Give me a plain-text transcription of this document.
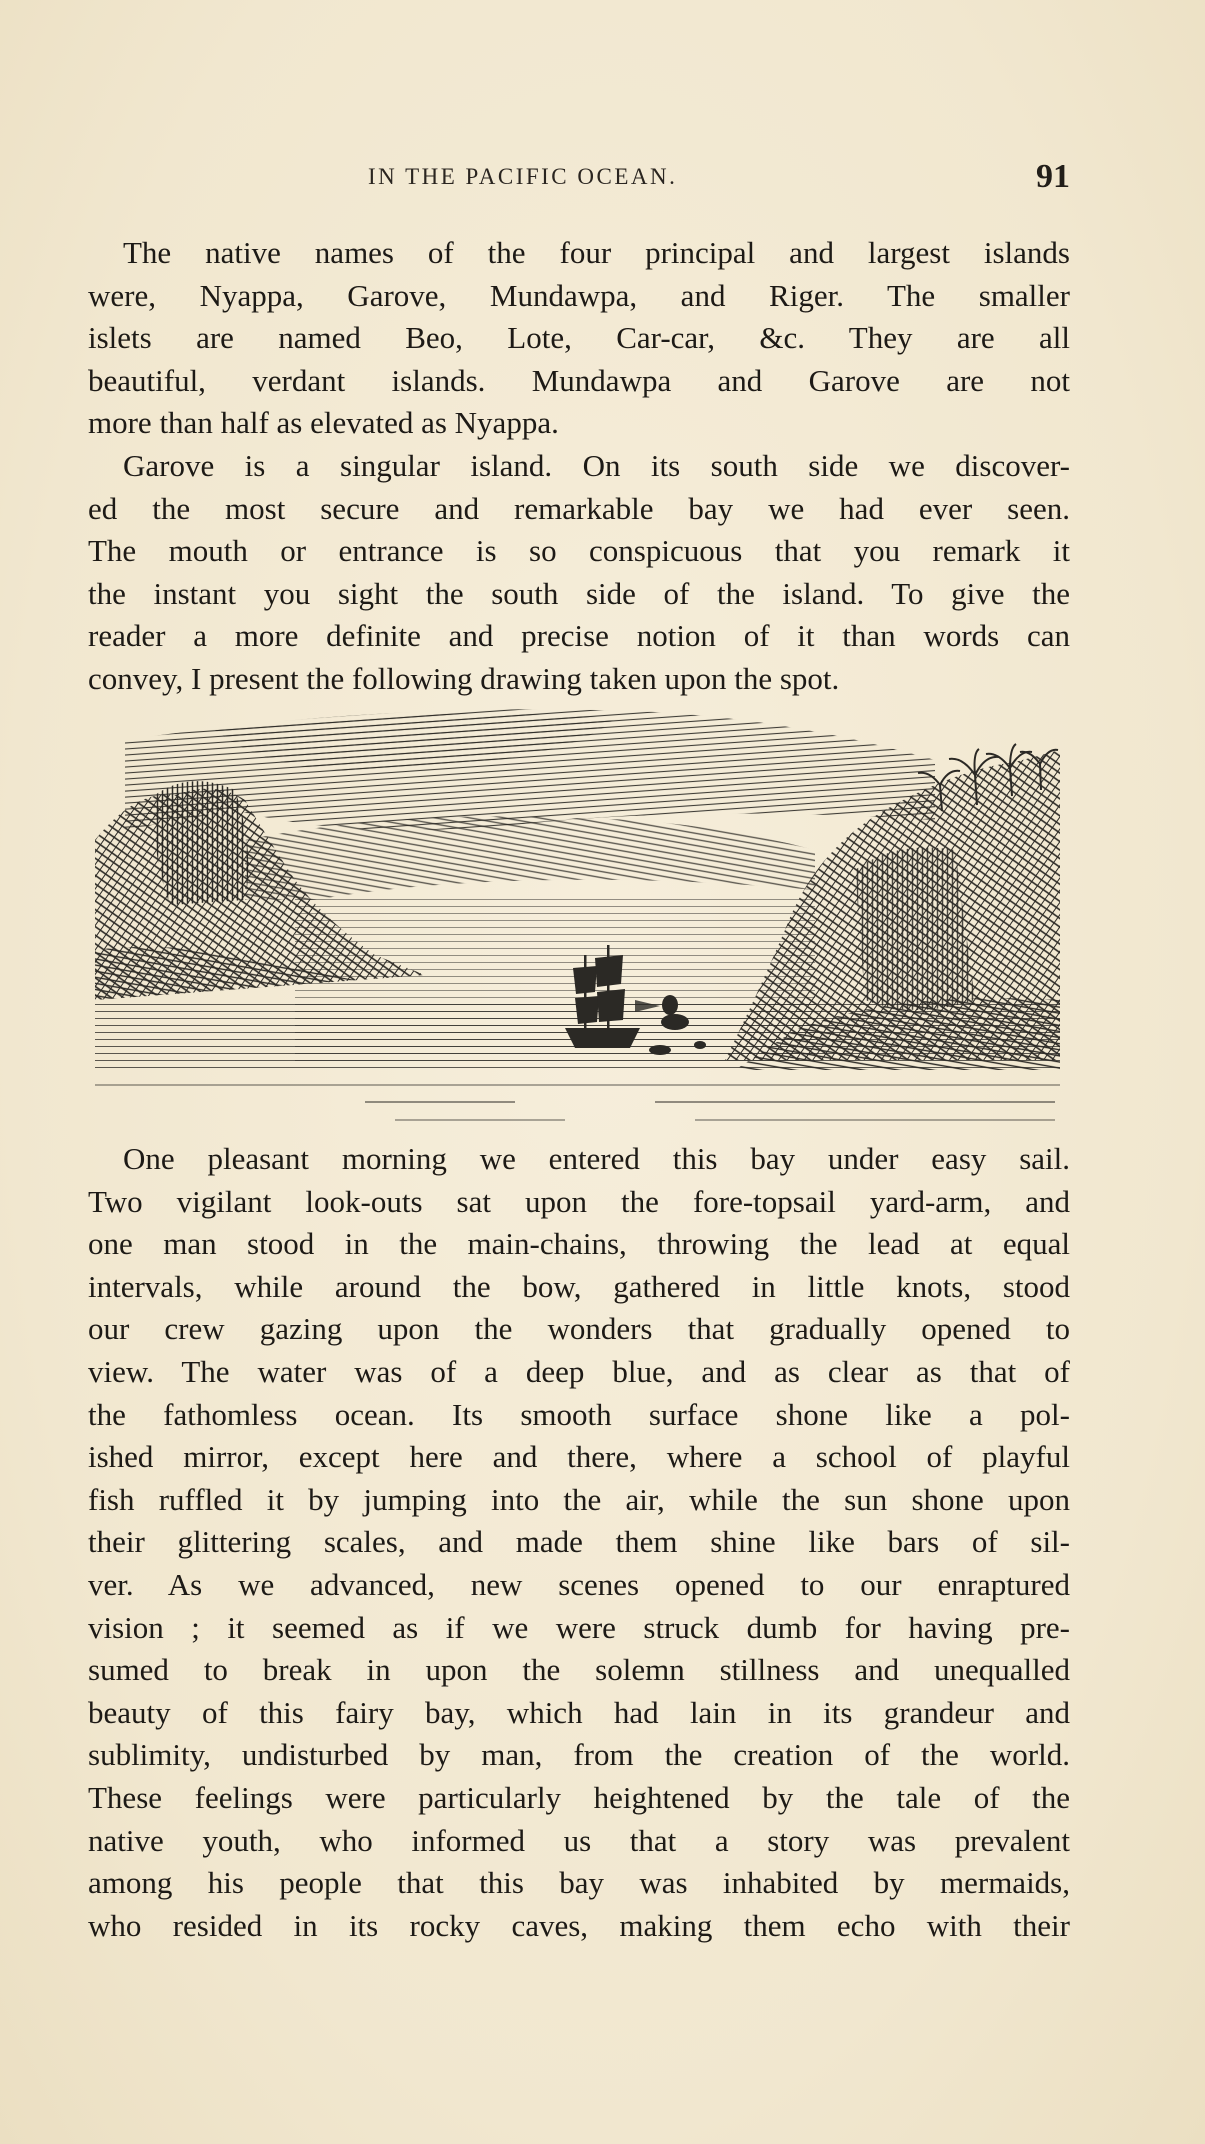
IN THE PACIFIC OCEAN.	91
The native names of the four principal and largest islands
were, Nyappa, Garove, Mundawpa, and Riger. The smaller
islets are named Beo, Lote, Car-car, &c. They are all
beautiful, verdant islands. Mundawpa and Garove are not
more than half as elevated as Nyappa.
Garove is a singular island. On its south side we discover-
ed the most secure and remarkable bay we had ever seen.
The mouth or entrance is so conspicuous that you remark it
the instant you sight the south side of the island. To give the
reader a more definite and precise notion of it than words can
convey, I present the following drawing taken upon the spot.
One pleasant morning we entered this bay under easy sail.
Two vigilant look-outs sat upon the fore-topsail yard-arm, and
one man stood in the main-chains, throwing the lead at equal
intervals, while around the bow, gathered in little knots, stood
our crew gazing upon the wonders that gradually opened to
view. The water was of a deep blue, and as clear as that of
the fathomless ocean. Its smooth surface shone like a pol-
ished mirror, except here and there, where a school of playful
fish ruffled it by jumping into the air, while the sun shone upon
their glittering scales, and made them shine like bars of sil-
ver. As we advanced, new scenes opened to our enraptured
vision ; it seemed as if we were struck dumb for having pre-
sumed to break in upon the solemn stillness and unequalled
beauty of this fairy bay, which had lain in its grandeur and
sublimity, undisturbed by man, from the creation of the world.
These feelings were particularly heightened by the tale of the
native youth, who informed us that a story was prevalent
among his people that this bay was inhabited by mermaids,
who resided in its rocky caves, making them echo with their
